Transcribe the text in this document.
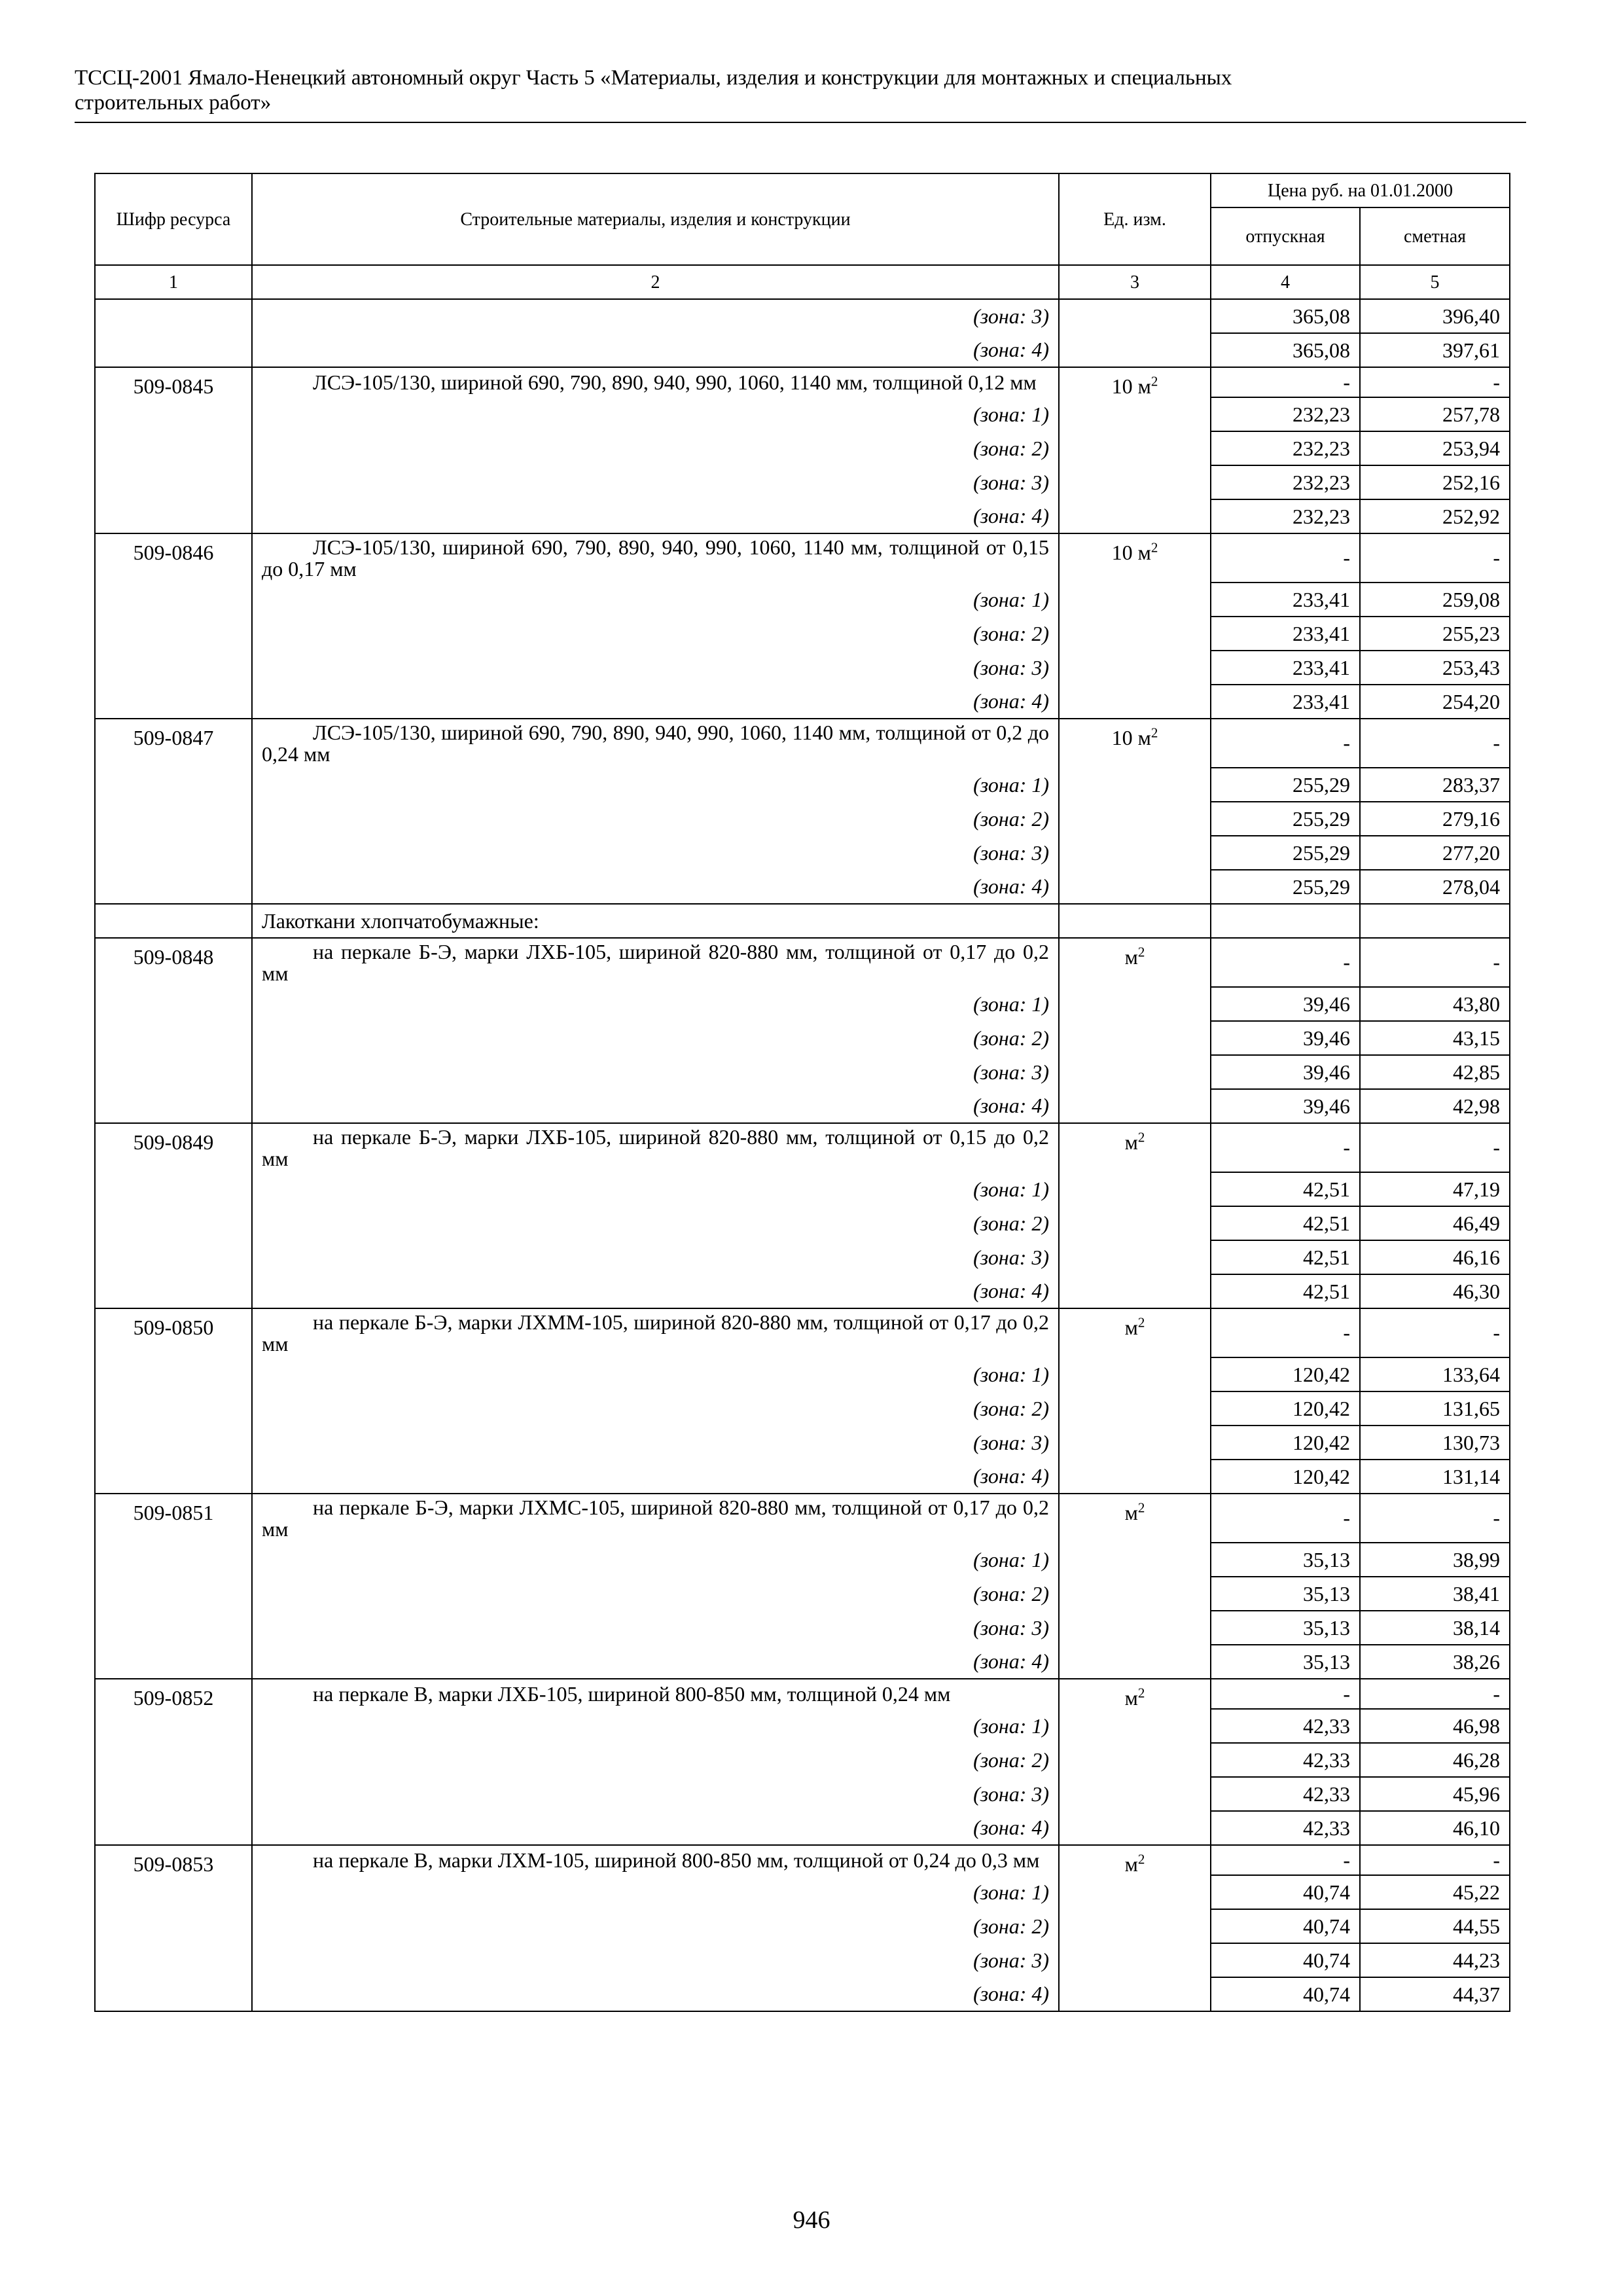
ТССЦ-2001 Ямало-Ненецкий автономный округ Часть 5 «Материалы, изделия и конструкции для монтажных и специальных
строительных работ»
Шифр ресурса	Строительные материалы, изделия и конструкции	Ед. изм.	Цена руб. на 01.01.2000	
			отпускная	сметная
1	2	3	4	5
	(зона: 3)		365,08	396,40
	(зона: 4)		365,08	397,61
509-0845	ЛСЭ-105/130, шириной 690, 790, 890, 940, 990, 1060, 1140 мм, толщиной 0,12 мм	10 $м^2$	-	-
	(зона: 1)		232,23	257,78
	(зона: 2)		232,23	253,94
	(зона: 3)		232,23	252,16
	(зона: 4)		232,23	252,92
509-0846	ЛСЭ-105/130, шириной 690, 790, 890, 940, 990, 1060, 1140 мм, толщиной от 0,15 до 0,17 мм	10 $м^2$	-	-
	(зона: 1)		233,41	259,08
	(зона: 2)		233,41	255,23
	(зона: 3)		233,41	253,43
	(зона: 4)		233,41	254,20
509-0847	ЛСЭ-105/130, шириной 690, 790, 890, 940, 990, 1060, 1140 мм, толщиной от 0,2 до 0,24 мм	10 $м^2$	-	-
	(зона: 1)		255,29	283,37
	(зона: 2)		255,29	279,16
	(зона: 3)		255,29	277,20
	(зона: 4)		255,29	278,04
	Лакоткани хлопчатобумажные:			
509-0848	на перкале Б-Э, марки ЛХБ-105, шириной 820-880 мм, толщиной от 0,17 до 0,2 мм	$м^2$	-	-
	(зона: 1)		39,46	43,80
	(зона: 2)		39,46	43,15
	(зона: 3)		39,46	42,85
	(зона: 4)		39,46	42,98
509-0849	на перкале Б-Э, марки ЛХБ-105, шириной 820-880 мм, толщиной от 0,15 до 0,2 мм	$м^2$	-	-
	(зона: 1)		42,51	47,19
	(зона: 2)		42,51	46,49
	(зона: 3)		42,51	46,16
	(зона: 4)		42,51	46,30
509-0850	на перкале Б-Э, марки ЛХММ-105, шириной 820-880 мм, толщиной от 0,17 до 0,2 мм	$м^2$	-	-
	(зона: 1)		120,42	133,64
	(зона: 2)		120,42	131,65
	(зона: 3)		120,42	130,73
	(зона: 4)		120,42	131,14
509-0851	на перкале Б-Э, марки ЛХМС-105, шириной 820-880 мм, толщиной от 0,17 до 0,2 мм	$м^2$	-	-
	(зона: 1)		35,13	38,99
	(зона: 2)		35,13	38,41
	(зона: 3)		35,13	38,14
	(зона: 4)		35,13	38,26
509-0852	на перкале В, марки ЛХБ-105, шириной 800-850 мм, толщиной 0,24 мм	$м^2$	-	-
	(зона: 1)		42,33	46,98
	(зона: 2)		42,33	46,28
	(зона: 3)		42,33	45,96
	(зона: 4)		42,33	46,10
509-0853	на перкале В, марки ЛХМ-105, шириной 800-850 мм, толщиной от 0,24 до 0,3 мм	$м^2$	-	-
	(зона: 1)		40,74	45,22
	(зона: 2)		40,74	44,55
	(зона: 3)		40,74	44,23
	(зона: 4)		40,74	44,37
946
